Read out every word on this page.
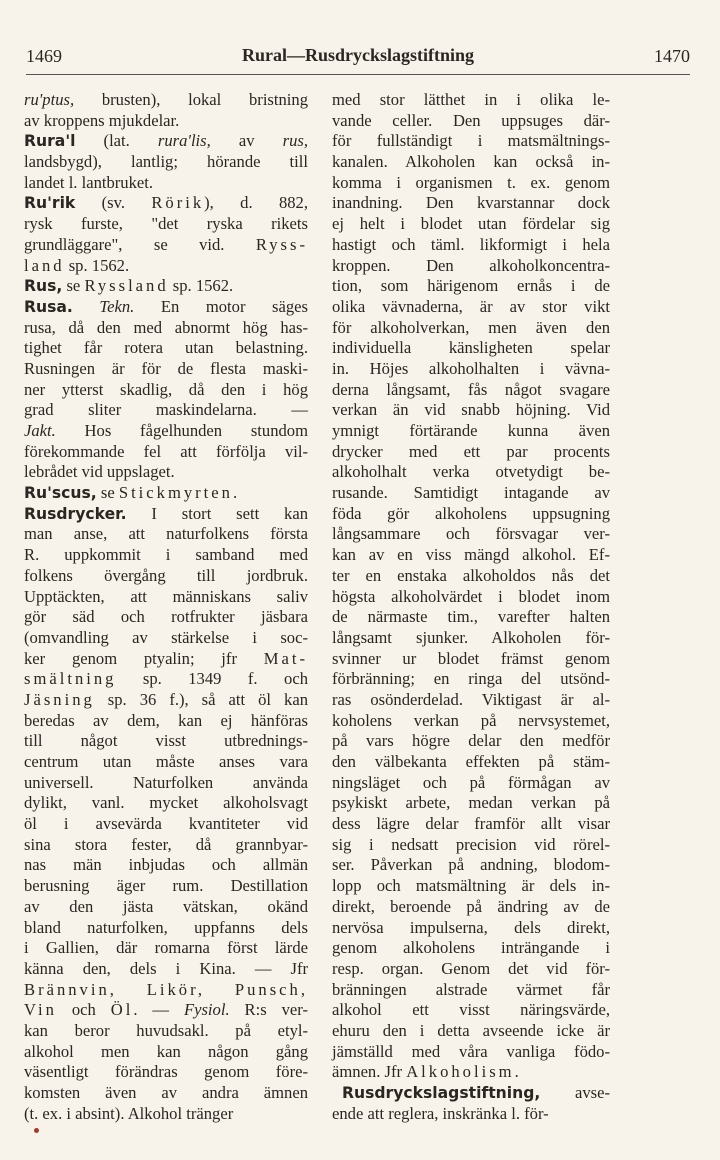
1469	Rural—Rusdryckslagstiftning	1470
ru'ptus, brusten), lokal bristning
av kroppens mjukdelar.
Rura'l (lat. rura'lis, av rus,
landsbygd), lantlig; hörande till
landet l. lantbruket.
Ru'rik (sv. Rörik), d. 882,
rysk furste, "det ryska rikets
grundläggare", se vid. Ryss-
land sp. 1562.
Rus, se Ryssland sp. 1562.
Rusa. Tekn. En motor säges
rusa, då den med abnormt hög has-
tighet får rotera utan belastning.
Rusningen är för de flesta maski-
ner ytterst skadlig, då den i hög
grad sliter maskindelarna. —
Jakt. Hos fågelhunden stundom
förekommande fel att förfölja vil-
lebrådet vid uppslaget.
Ru'scus, se Stickmyrten.
Rusdrycker. I stort sett kan
man anse, att naturfolkens första
R. uppkommit i samband med
folkens övergång till jordbruk.
Upptäckten, att människans saliv
gör säd och rotfrukter jäsbara
(omvandling av stärkelse i soc-
ker genom ptyalin; jfr Mat-
smältning sp. 1349 f. och
Jäsning sp. 36 f.), så att öl kan
beredas av dem, kan ej hänföras
till något visst utbrednings-
centrum utan måste anses vara
universell. Naturfolken använda
dylikt, vanl. mycket alkoholsvagt
öl i avsevärda kvantiteter vid
sina stora fester, då grannbyar-
nas män inbjudas och allmän
berusning äger rum. Destillation
av den jästa vätskan, okänd
bland naturfolken, uppfanns dels
i Gallien, där romarna först lärde
känna den, dels i Kina. — Jfr
Brännvin, Likör, Punsch,
Vin och Öl. — Fysiol. R:s ver-
kan beror huvudsakl. på etyl-
alkohol men kan någon gång
väsentligt förändras genom före-
komsten även av andra ämnen
(t. ex. i absint). Alkohol tränger
med stor lätthet in i olika le-
vande celler. Den uppsuges där-
för fullständigt i matsmältnings-
kanalen. Alkoholen kan också in-
komma i organismen t. ex. genom
inandning. Den kvarstannar dock
ej helt i blodet utan fördelar sig
hastigt och täml. likformigt i hela
kroppen. Den alkoholkoncentra-
tion, som härigenom ernås i de
olika vävnaderna, är av stor vikt
för alkoholverkan, men även den
individuella känsligheten spelar
in. Höjes alkoholhalten i vävna-
derna långsamt, fås något svagare
verkan än vid snabb höjning. Vid
ymnigt förtärande kunna även
drycker med ett par procents
alkoholhalt verka otvetydigt be-
rusande. Samtidigt intagande av
föda gör alkoholens uppsugning
långsammare och försvagar ver-
kan av en viss mängd alkohol. Ef-
ter en enstaka alkoholdos nås det
högsta alkoholvärdet i blodet inom
de närmaste tim., varefter halten
långsamt sjunker. Alkoholen för-
svinner ur blodet främst genom
förbränning; en ringa del utsönd-
ras osönderdelad. Viktigast är al-
koholens verkan på nervsystemet,
på vars högre delar den medför
den välbekanta effekten på stäm-
ningsläget och på förmågan av
psykiskt arbete, medan verkan på
dess lägre delar framför allt visar
sig i nedsatt precision vid rörel-
ser. Påverkan på andning, blodom-
lopp och matsmältning är dels in-
direkt, beroende på ändring av de
nervösa impulserna, dels direkt,
genom alkoholens inträngande i
resp. organ. Genom det vid för-
bränningen alstrade värmet får
alkohol ett visst näringsvärde,
ehuru den i detta avseende icke är
jämställd med våra vanliga födo-
ämnen. Jfr Alkoholism.
Rusdryckslagstiftning, avse-
ende att reglera, inskränka l. för-
